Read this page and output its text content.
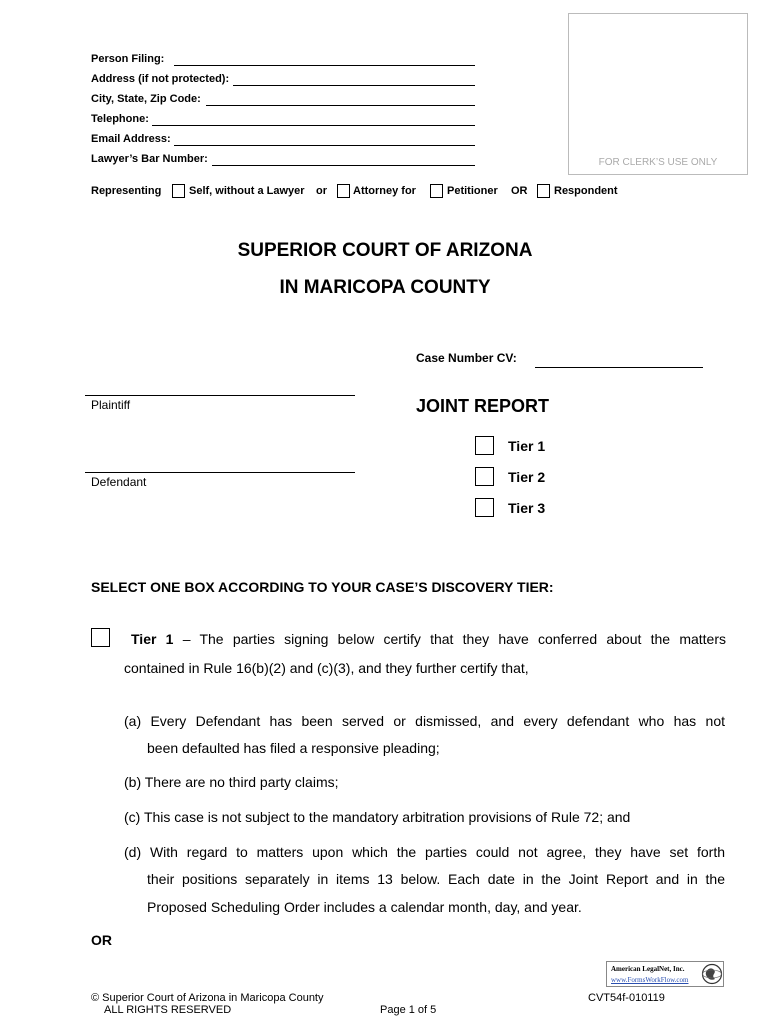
FOR CLERK’S USE ONLY
Person Filing:
Address (if not protected):
City, State, Zip Code:
Telephone:
Email Address:
Lawyer’s Bar Number:
Representing	Self, without a Lawyer or Attorney for	Petitioner OR Respondent
SUPERIOR COURT OF ARIZONA
IN MARICOPA COUNTY
Case Number CV:
Plaintiff
Defendant
JOINT REPORT
Tier 1
Tier 2
Tier 3
SELECT ONE BOX ACCORDING TO YOUR CASE’S DISCOVERY TIER:
Tier 1 – The parties signing below certify that they have conferred about the matters
contained in Rule 16(b)(2) and (c)(3), and they further certify that,
(a) Every Defendant has been served or dismissed, and every defendant who has not
been defaulted has filed a responsive pleading;
(b) There are no third party claims;
(c) This case is not subject to the mandatory arbitration provisions of Rule 72; and
(d) With regard to matters upon which the parties could not agree, they have set forth
their positions separately in items 13 below. Each date in the Joint Report and in the
Proposed Scheduling Order includes a calendar month, day, and year.
OR
American LegalNet, Inc.
www.FormsWorkFlow.com
© Superior Court of Arizona in Maricopa County
ALL RIGHTS RESERVED	Page 1 of 5
CVT54f-010119
